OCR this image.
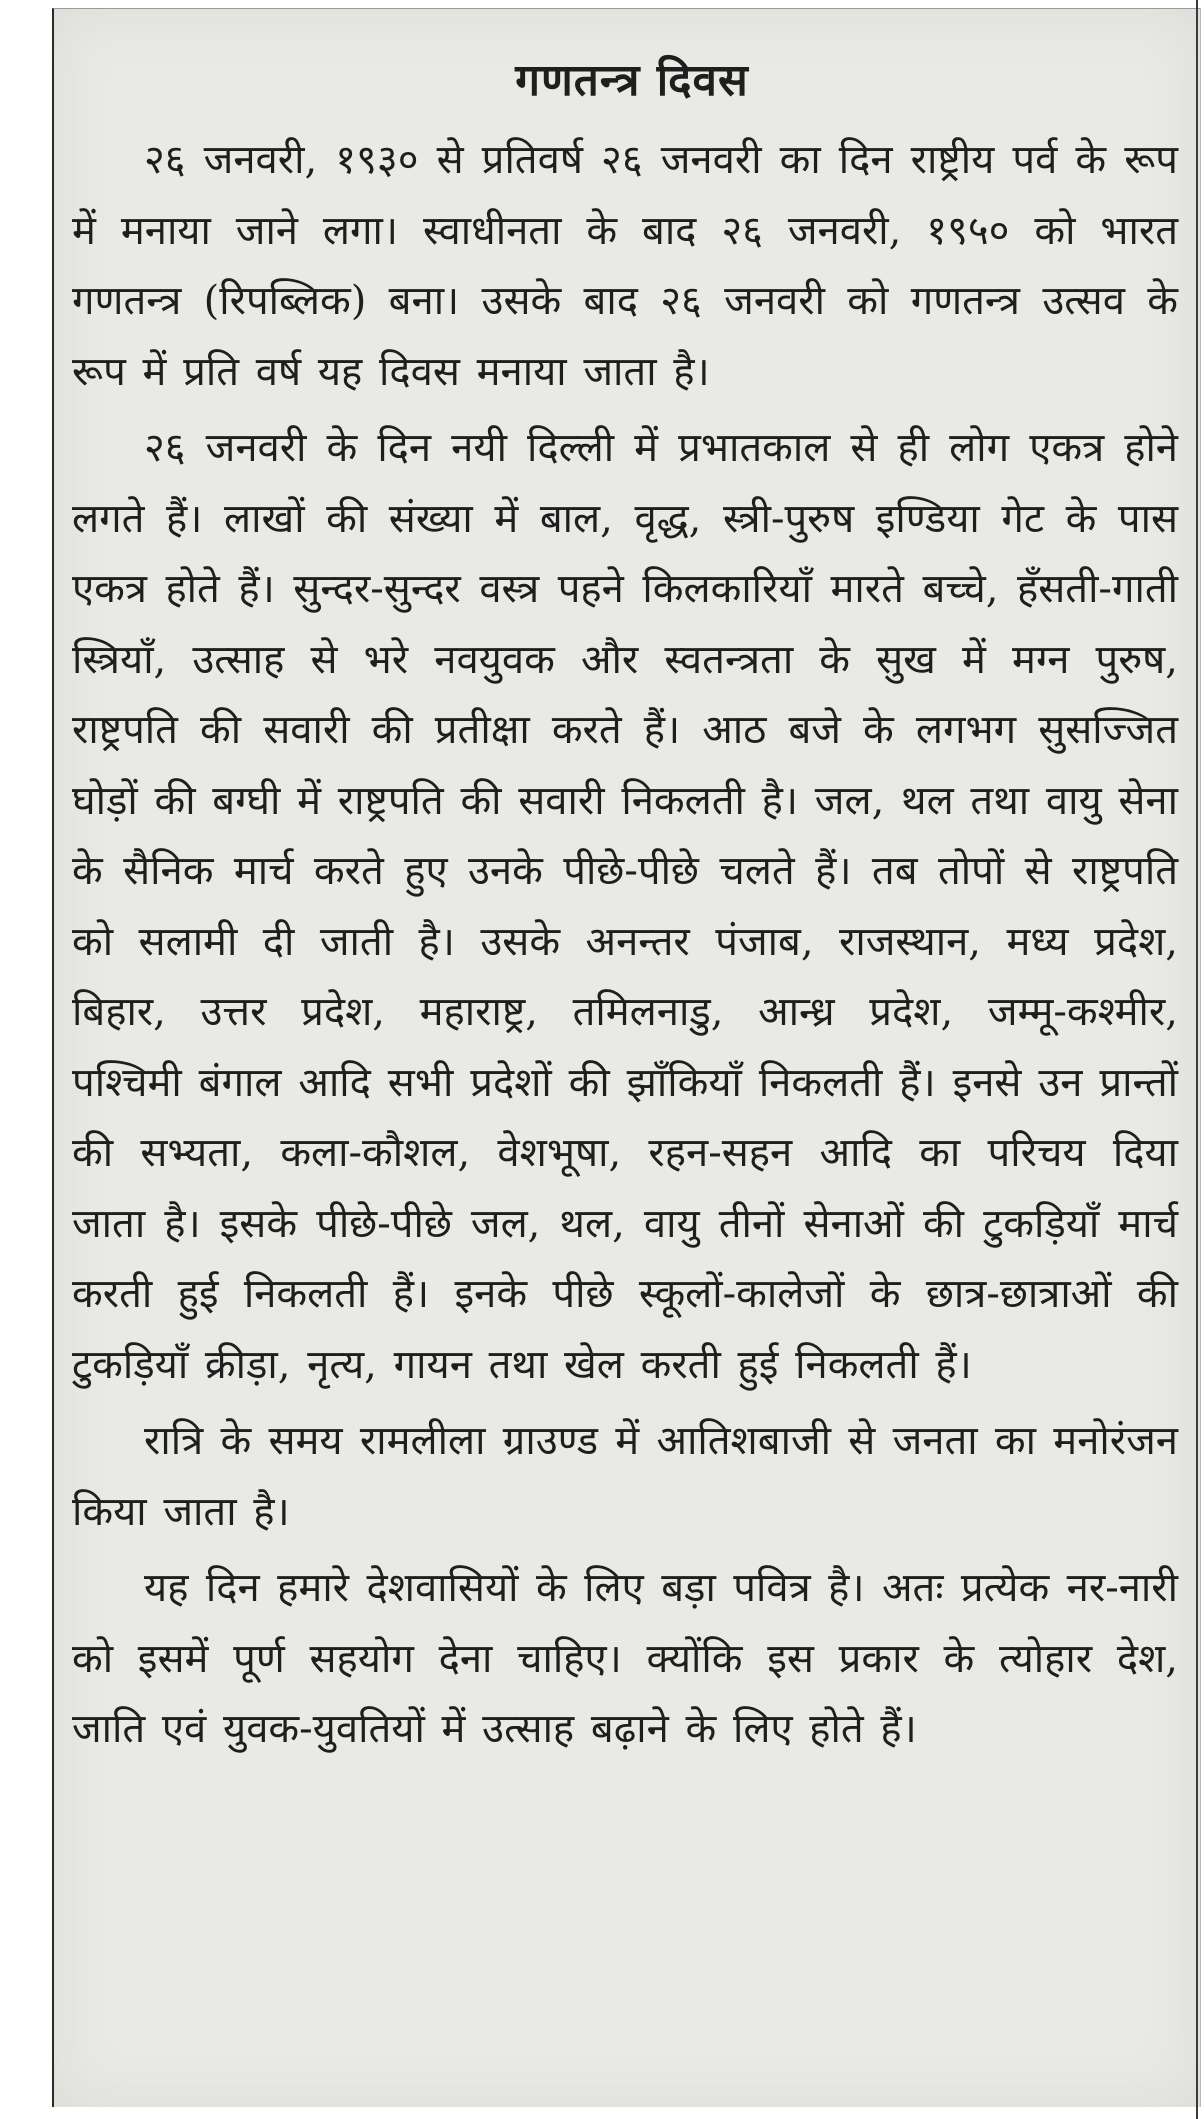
गणतन्त्र दिवस

२६ जनवरी, १९३० से प्रतिवर्ष २६ जनवरी का दिन राष्ट्रीय पर्व के रूप में मनाया जाने लगा। स्वाधीनता के बाद २६ जनवरी, १९५० को भारत गणतन्त्र (रिपब्लिक) बना। उसके बाद २६ जनवरी को गणतन्त्र उत्सव के रूप में प्रति वर्ष यह दिवस मनाया जाता है।

२६ जनवरी के दिन नयी दिल्ली में प्रभातकाल से ही लोग एकत्र होने लगते हैं। लाखों की संख्या में बाल, वृद्ध, स्त्री-पुरुष इण्डिया गेट के पास एकत्र होते हैं। सुन्दर-सुन्दर वस्त्र पहने किलकारियाँ मारते बच्चे, हँसती-गाती स्त्रियाँ, उत्साह से भरे नवयुवक और स्वतन्त्रता के सुख में मग्न पुरुष, राष्ट्रपति की सवारी की प्रतीक्षा करते हैं। आठ बजे के लगभग सुसज्जित घोड़ों की बग्घी में राष्ट्रपति की सवारी निकलती है। जल, थल तथा वायु सेना के सैनिक मार्च करते हुए उनके पीछे-पीछे चलते हैं। तब तोपों से राष्ट्रपति को सलामी दी जाती है। उसके अनन्तर पंजाब, राजस्थान, मध्य प्रदेश, बिहार, उत्तर प्रदेश, महाराष्ट्र, तमिलनाडु, आन्ध्र प्रदेश, जम्मू-कश्मीर, पश्चिमी बंगाल आदि सभी प्रदेशों की झाँकियाँ निकलती हैं। इनसे उन प्रान्तों की सभ्यता, कला-कौशल, वेशभूषा, रहन-सहन आदि का परिचय दिया जाता है। इसके पीछे-पीछे जल, थल, वायु तीनों सेनाओं की टुकड़ियाँ मार्च करती हुई निकलती हैं। इनके पीछे स्कूलों-कालेजों के छात्र-छात्राओं की टुकड़ियाँ क्रीड़ा, नृत्य, गायन तथा खेल करती हुई निकलती हैं।

रात्रि के समय रामलीला ग्राउण्ड में आतिशबाजी से जनता का मनोरंजन किया जाता है।

यह दिन हमारे देशवासियों के लिए बड़ा पवित्र है। अतः प्रत्येक नर-नारी को इसमें पूर्ण सहयोग देना चाहिए। क्योंकि इस प्रकार के त्योहार देश, जाति एवं युवक-युवतियों में उत्साह बढ़ाने के लिए होते हैं।
